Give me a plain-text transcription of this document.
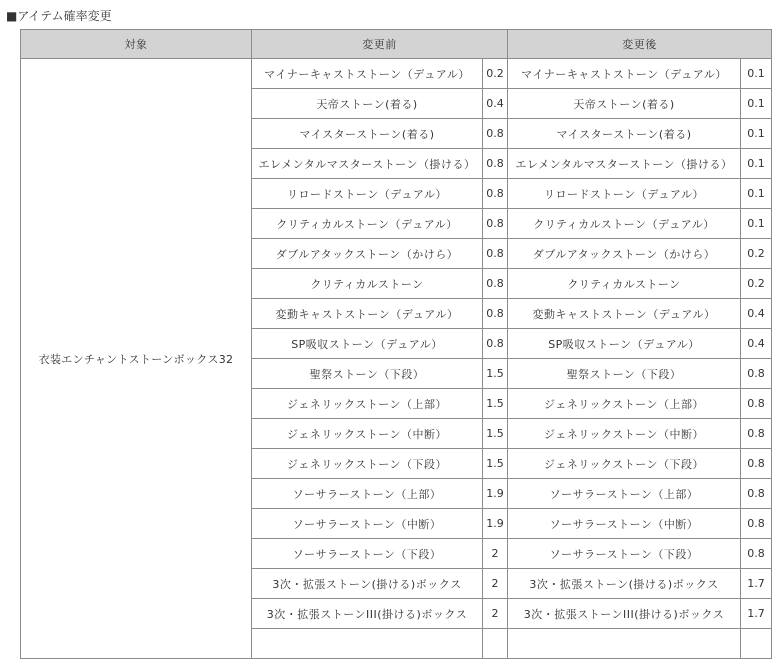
■アイテム確率変更
対象	変更前		変更後	
衣装エンチャントストーンボックス32	マイナーキャストストーン（デュアル）	0.2	マイナーキャストストーン（デュアル）	0.1
	天帝ストーン(着る)	0.4	天帝ストーン(着る)	0.1
	マイスターストーン(着る)	0.8	マイスターストーン(着る)	0.1
	エレメンタルマスターストーン（掛ける）	0.8	エレメンタルマスターストーン（掛ける）	0.1
	リロードストーン（デュアル）	0.8	リロードストーン（デュアル）	0.1
	クリティカルストーン（デュアル）	0.8	クリティカルストーン（デュアル）	0.1
	ダブルアタックストーン（かけら）	0.8	ダブルアタックストーン（かけら）	0.2
	クリティカルストーン	0.8	クリティカルストーン	0.2
	変動キャストストーン（デュアル）	0.8	変動キャストストーン（デュアル）	0.4
	SP吸収ストーン（デュアル）	0.8	SP吸収ストーン（デュアル）	0.4
	聖祭ストーン（下段）	1.5	聖祭ストーン（下段）	0.8
	ジェネリックストーン（上部）	1.5	ジェネリックストーン（上部）	0.8
	ジェネリックストーン（中断）	1.5	ジェネリックストーン（中断）	0.8
	ジェネリックストーン（下段）	1.5	ジェネリックストーン（下段）	0.8
	ソーサラーストーン（上部）	1.9	ソーサラーストーン（上部）	0.8
	ソーサラーストーン（中断）	1.9	ソーサラーストーン（中断）	0.8
	ソーサラーストーン（下段）	2	ソーサラーストーン（下段）	0.8
	3次・拡張ストーン(掛ける)ボックス	2	3次・拡張ストーン(掛ける)ボックス	1.7
	3次・拡張ストーンIII(掛ける)ボックス	2	3次・拡張ストーンIII(掛ける)ボックス	1.7
